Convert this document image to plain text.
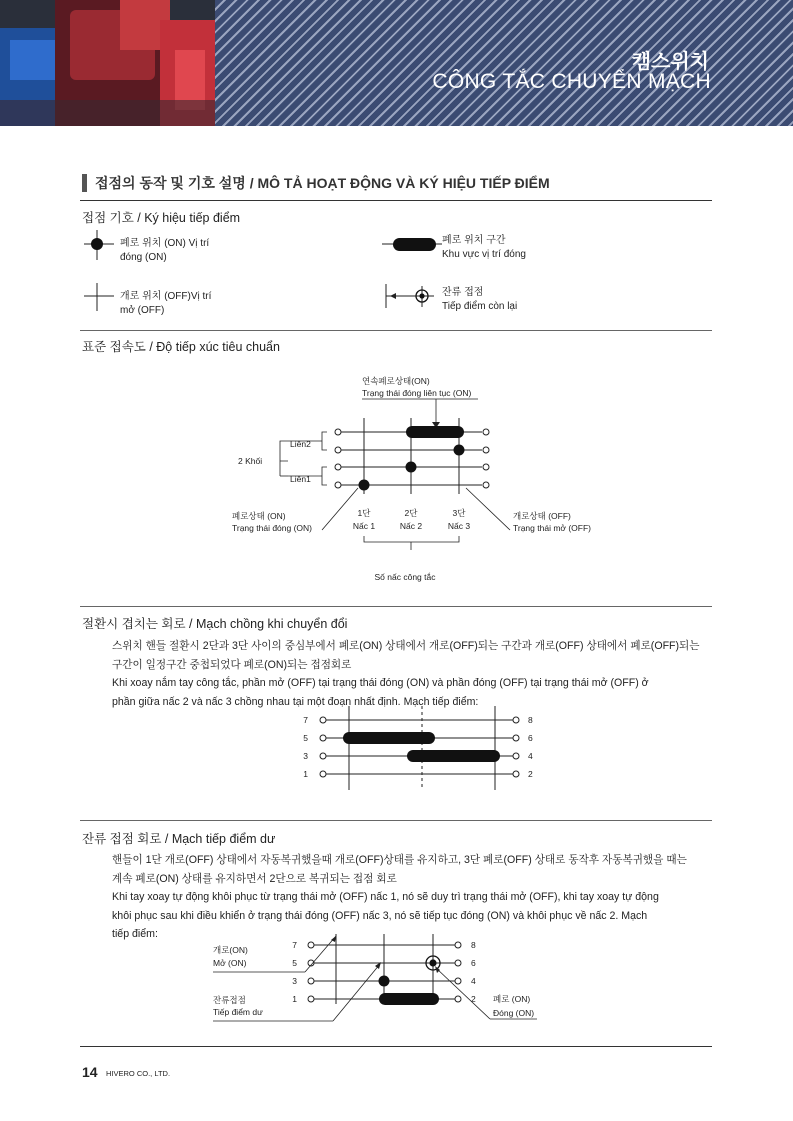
캠스위치
CÔNG TẮC CHUYỂN MẠCH
접점의 동작 및 기호 설명 / MÔ TẢ HOẠT ĐỘNG VÀ KÝ HIỆU TIẾP ĐIỂM
접점 기호 / Ký hiệu tiếp điểm
폐로 위치 (ON) Vị trí
đóng (ON)
폐로 위치 구간
Khu vực vị trí đóng
개로 위치 (OFF)Vị trí
mở (OFF)
잔류 접점
Tiếp điểm còn lại
표준 접속도 / Độ tiếp xúc tiêu chuẩn
연속폐로상태(ON)
Trạng thái đóng liên tục (ON)
Liên2
Liên1
2 Khối
폐로상태 (ON)
Trạng thái đóng (ON)
개로상태 (OFF)
Trạng thái mở (OFF)
1단
Nấc 1
2단
Nấc 2
3단
Nấc 3
Số nấc công tắc
절환시 겹치는 회로 / Mạch chồng khi chuyển đổi
스위치 핸들 절환시 2단과 3단 사이의 중심부에서 폐로(ON) 상태에서 개로(OFF)되는 구간과 개로(OFF) 상태에서 폐로(OFF)되는
구간이 일정구간 중첩되었다 폐로(ON)되는 접점회로
Khi xoay nắm tay công tắc, phần mở (OFF) tại trạng thái đóng (ON) và phần đóng (OFF) tại trạng thái mở (OFF) ở
phần giữa nấc 2 và nấc 3 chồng nhau tại một đoạn nhất định. Mạch tiếp điểm:
7	8
5	6
3	4
1	2
잔류 접점 회로 / Mạch tiếp điểm dư
핸들이 1단 개로(OFF) 상태에서 자동복귀했을때 개로(OFF)상태를 유지하고, 3단 폐로(OFF) 상태로 동작후 자동복귀했을 때는
계속 폐로(ON) 상태를 유지하면서 2단으로 복귀되는 접점 회로
Khi tay xoay tự động khôi phục từ trạng thái mở (OFF) nấc 1, nó sẽ duy trì trạng thái mở (OFF), khi tay xoay tự động
khôi phục sau khi điều khiển ở trạng thái đóng (OFF) nấc 3, nó sẽ tiếp tục đóng (ON) và khôi phục về nấc 2. Mạch
tiếp điểm:
7	8
5	6
3	4
1	2
개로(ON)
Mở (ON)
잔류접점
Tiếp điểm dư
폐로 (ON)
Đóng (ON)
14 HIVERO CO., LTD.
